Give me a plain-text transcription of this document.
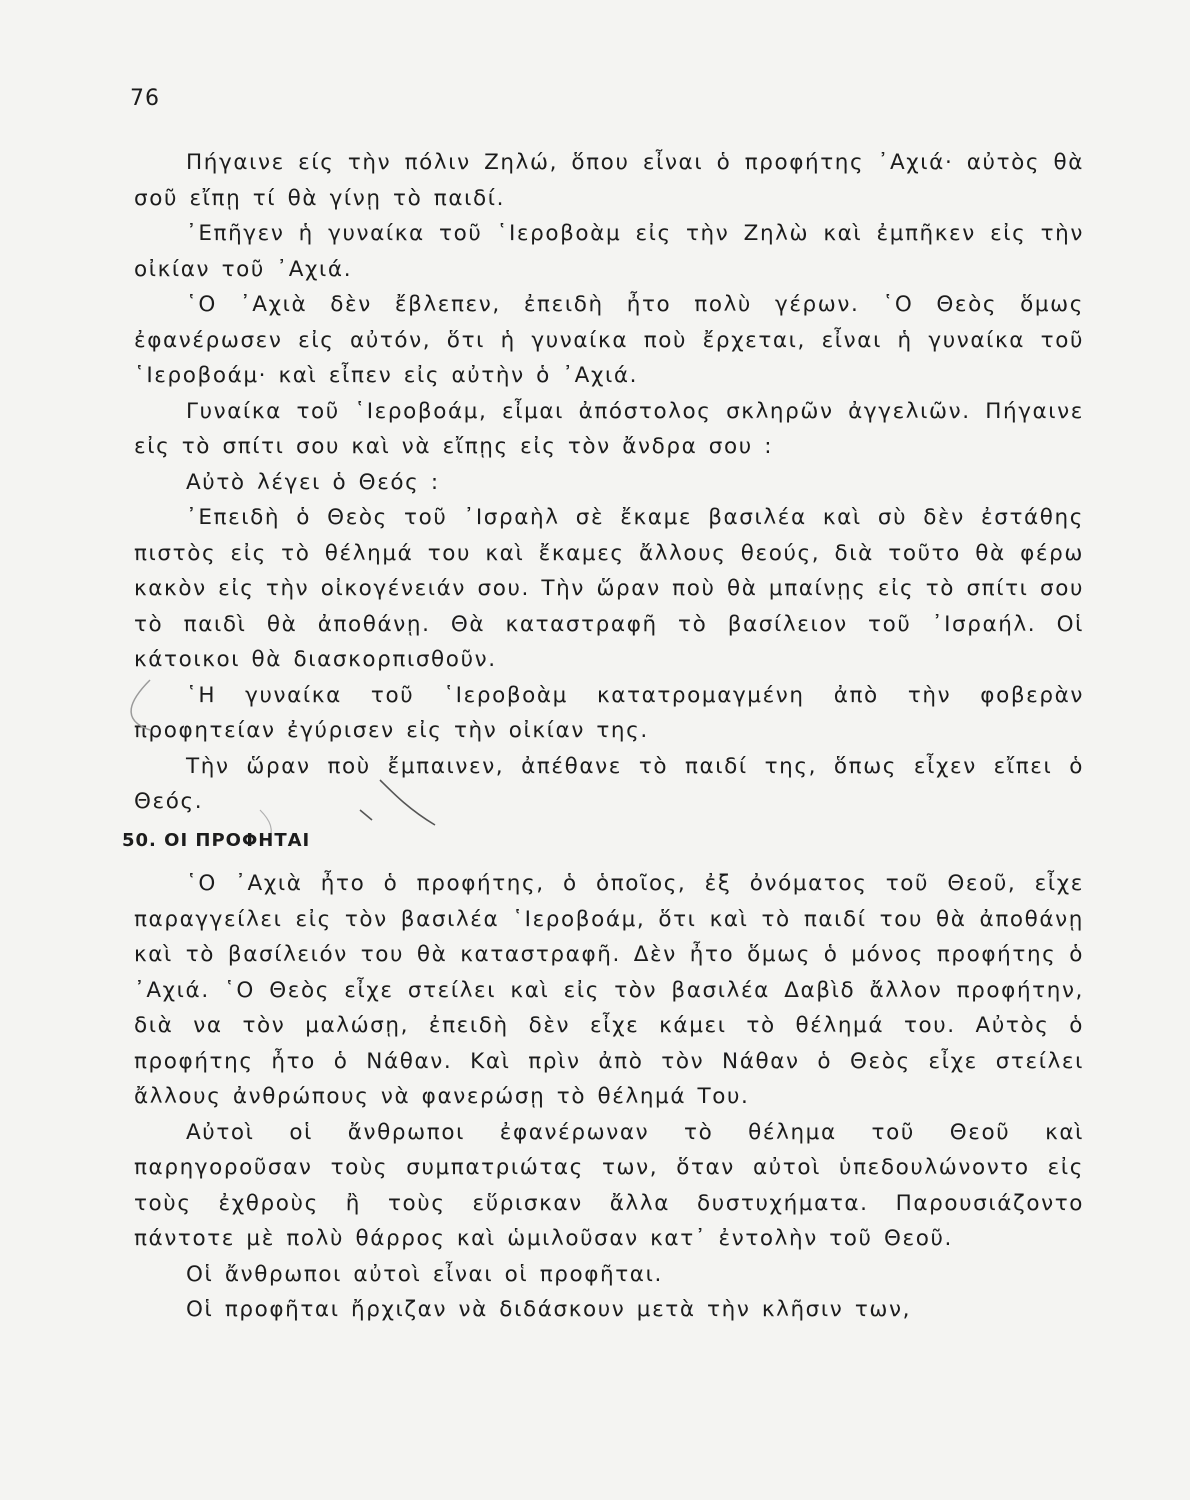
76

Πήγαινε είς τὴν πόλιν Ζηλώ, ὅπου εἶναι ὁ προφήτης ᾿Αχιά· αὐτὸς θὰ σοῦ εἴπῃ τί θὰ γίνῃ τὸ παιδί.

᾿Επῆγεν ἡ γυναίκα τοῦ ῾Ιεροβοὰμ εἰς τὴν Ζηλὼ καὶ ἐμπῆκεν εἰς τὴν οἰκίαν τοῦ ᾿Αχιά.

῾Ο ᾿Αχιὰ δὲν ἔβλεπεν, ἐπειδὴ ἦτο πολὺ γέρων. ῾Ο Θεὸς ὅμως ἐφανέρωσεν εἰς αὐτόν, ὅτι ἡ γυναίκα ποὺ ἔρχεται, εἶναι ἡ γυναίκα τοῦ ῾Ιεροβοάμ· καὶ εἶπεν εἰς αὐτὴν ὁ ᾿Αχιά.

Γυναίκα τοῦ ῾Ιεροβοάμ, εἶμαι ἀπόστολος σκληρῶν ἀγγελιῶν. Πήγαινε εἰς τὸ σπίτι σου καὶ νὰ εἴπῃς εἰς τὸν ἄνδρα σου :

Αὐτὸ λέγει ὁ Θεός :

᾿Επειδὴ ὁ Θεὸς τοῦ ᾿Ισραὴλ σὲ ἔκαμε βασιλέα καὶ σὺ δὲν ἐστάθης πιστὸς εἰς τὸ θέλημά του καὶ ἔκαμες ἄλλους θεούς, διὰ τοῦτο θὰ φέρω κακὸν εἰς τὴν οἰκογένειάν σου. Τὴν ὥραν ποὺ θὰ μπαίνῃς εἰς τὸ σπίτι σου τὸ παιδὶ θὰ ἀποθάνῃ. Θὰ καταστραφῆ τὸ βασίλειον τοῦ ᾿Ισραήλ. Οἱ κάτοικοι θὰ διασκορπισθοῦν.

῾Η γυναίκα τοῦ ῾Ιεροβοὰμ κατατρομαγμένη ἀπὸ τὴν φοβερὰν προφητείαν ἐγύρισεν εἰς τὴν οἰκίαν της.

Τὴν ὥραν ποὺ ἔμπαινεν, ἀπέθανε τὸ παιδί της, ὅπως εἶχεν εἴπει ὁ Θεός.

50. ΟΙ ΠΡΟΦΗΤΑΙ

῾Ο ᾿Αχιὰ ἦτο ὁ προφήτης, ὁ ὁποῖος, ἐξ ὀνόματος τοῦ Θεοῦ, εἶχε παραγγείλει εἰς τὸν βασιλέα ῾Ιεροβοάμ, ὅτι καὶ τὸ παιδί του θὰ ἀποθάνῃ καὶ τὸ βασίλειόν του θὰ καταστραφῆ. Δὲν ἦτο ὅμως ὁ μόνος προφήτης ὁ ᾿Αχιά. ῾Ο Θεὸς εἶχε στείλει καὶ εἰς τὸν βασιλέα Δαβὶδ ἄλλον προφήτην, διὰ να τὸν μαλώσῃ, ἐπειδὴ δὲν εἶχε κάμει τὸ θέλημά του. Αὐτὸς ὁ προφήτης ἦτο ὁ Νάθαν. Καὶ πρὶν ἀπὸ τὸν Νάθαν ὁ Θεὸς εἶχε στείλει ἄλλους ἀνθρώπους νὰ φανερώσῃ τὸ θέλημά Του.

Αὐτοὶ οἱ ἄνθρωποι ἐφανέρωναν τὸ θέλημα τοῦ Θεοῦ καὶ παρηγοροῦσαν τοὺς συμπατριώτας των, ὅταν αὐτοὶ ὑπεδουλώνοντο εἰς τοὺς ἐχθροὺς ἢ τοὺς εὕρισκαν ἄλλα δυστυχήματα. Παρουσιάζοντο πάντοτε μὲ πολὺ θάρρος καὶ ὡμιλοῦσαν κατ᾿ ἐντολὴν τοῦ Θεοῦ.

Οἱ ἄνθρωποι αὐτοὶ εἶναι οἱ προφῆται.

Οἱ προφῆται ἤρχιζαν νὰ διδάσκουν μετὰ τὴν κλῆσιν των,
